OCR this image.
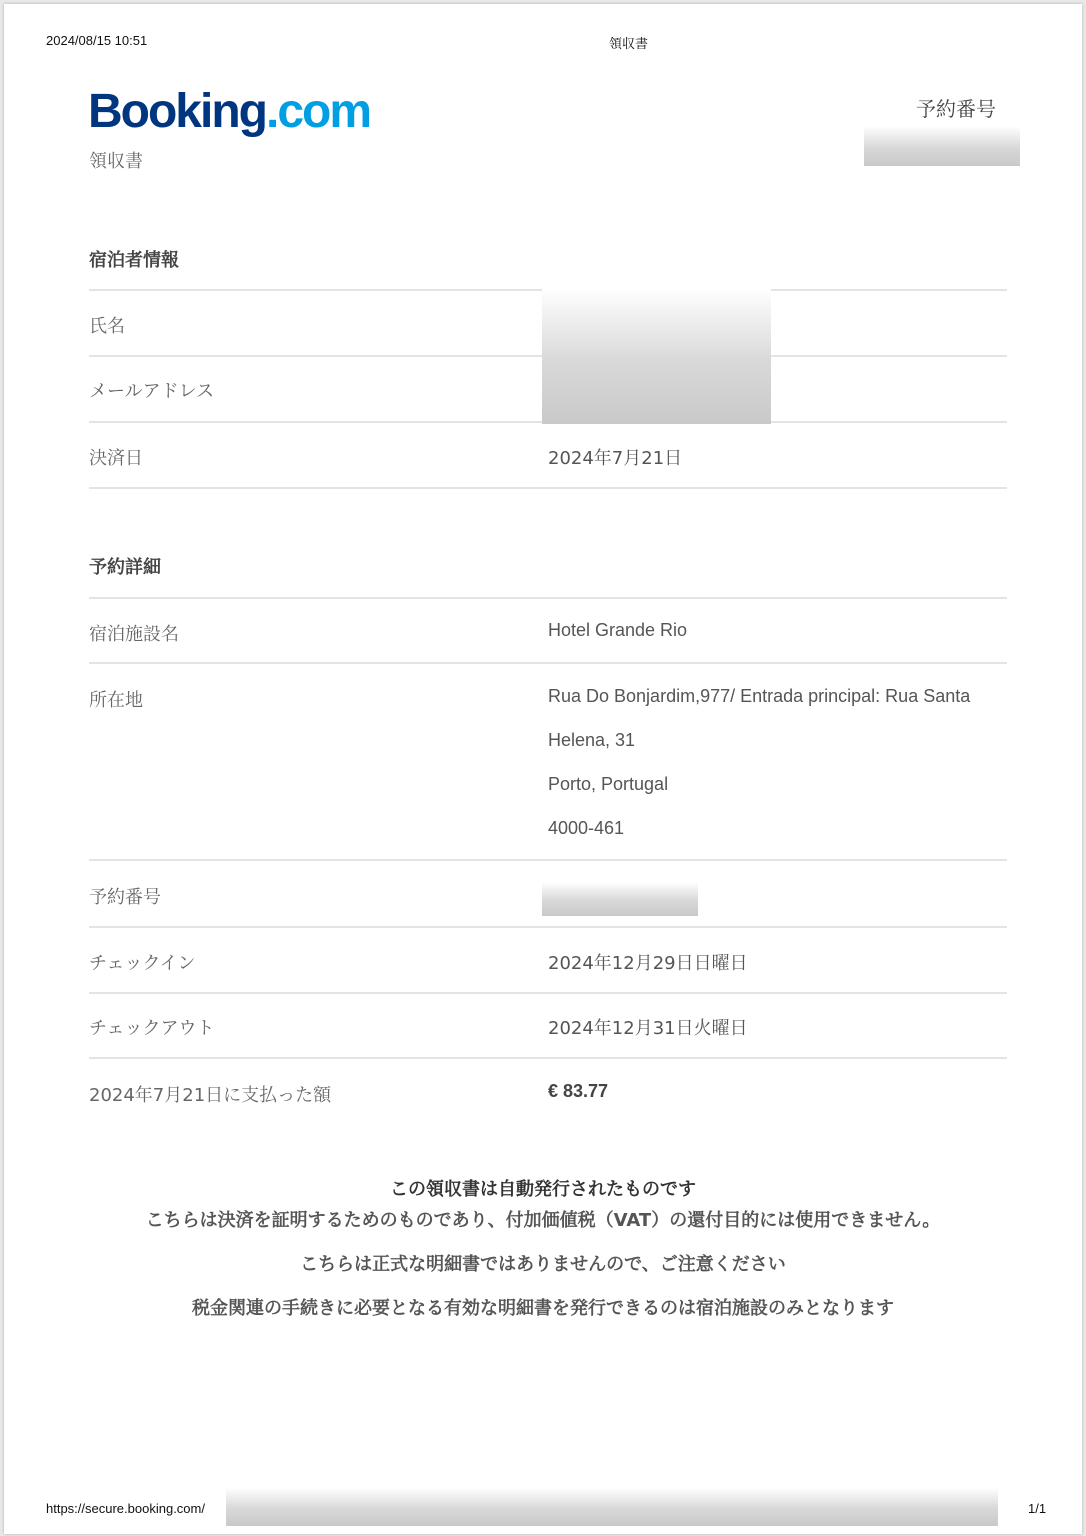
2024/08/15 10:51	領収書
Booking.com
領収書
予約番号
宿泊者情報
氏名
メールアドレス
決済日	2024年7月21日
予約詳細
宿泊施設名	Hotel Grande Rio
所在地	Rua Do Bonjardim,977/ Entrada principal: Rua Santa
Helena, 31
Porto, Portugal
4000-461
予約番号
チェックイン	2024年12月29日日曜日
チェックアウト	2024年12月31日火曜日
2024年7月21日に支払った額	€ 83.77
この領収書は自動発行されたものです
こちらは決済を証明するためのものであり、付加価値税（VAT）の還付目的には使用できません。
こちらは正式な明細書ではありませんので、ご注意ください
税金関連の手続きに必要となる有効な明細書を発行できるのは宿泊施設のみとなります
https://secure.booking.com/	1/1
